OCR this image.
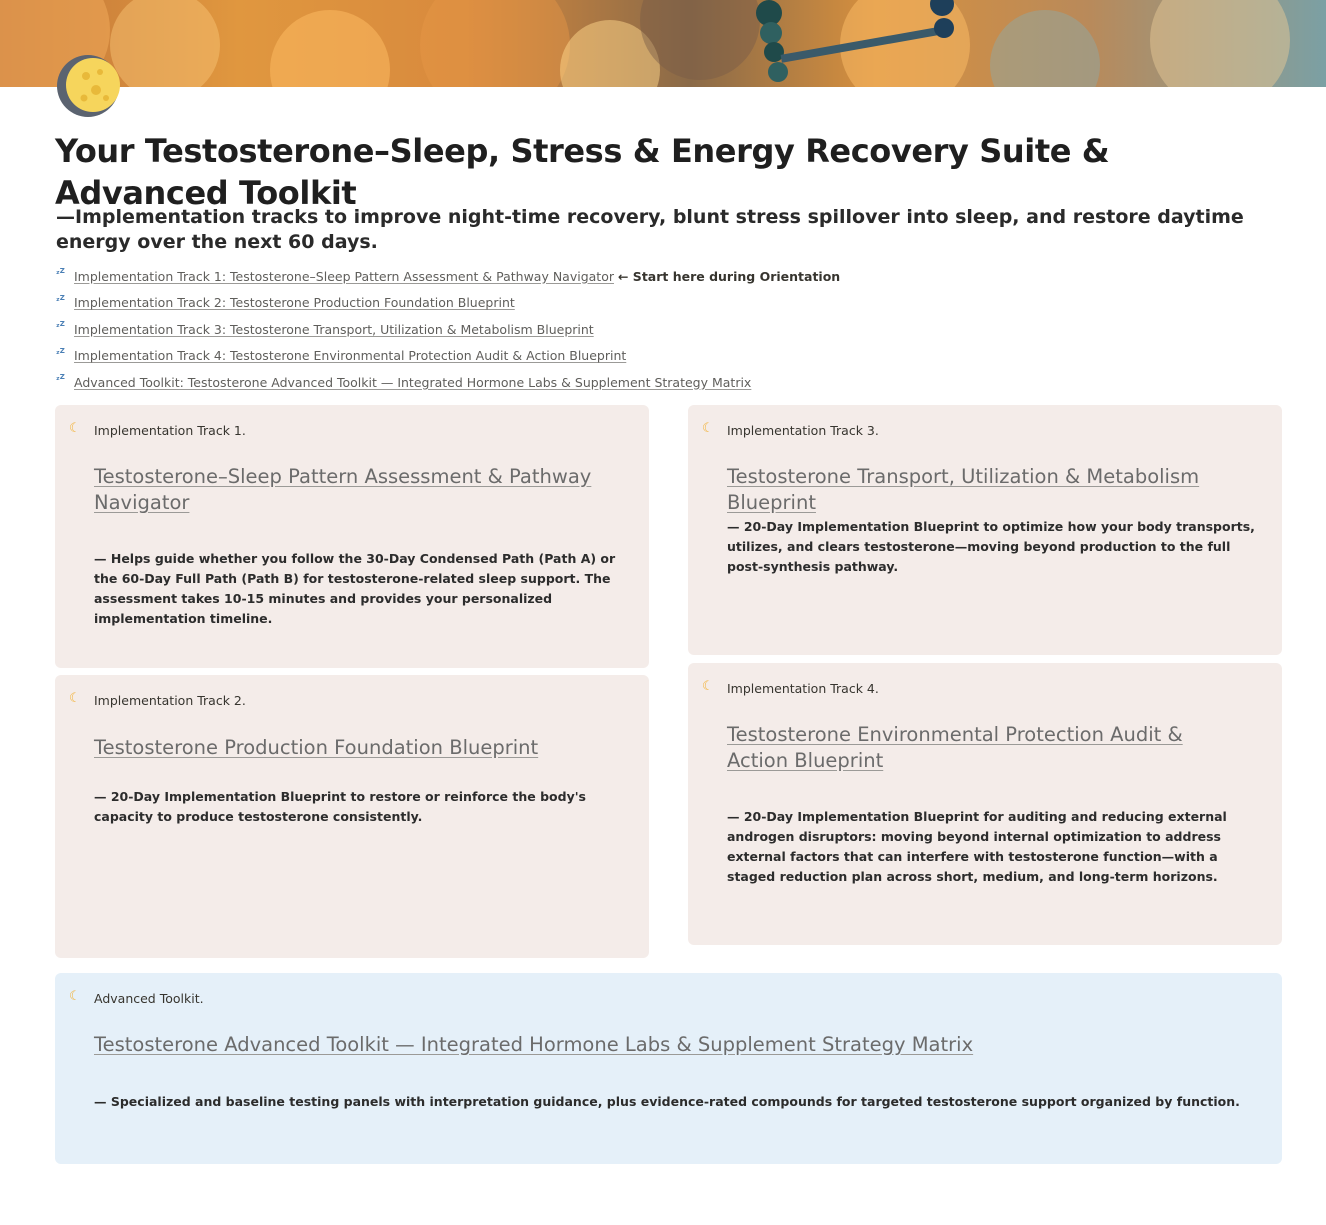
Your Testosterone–Sleep, Stress & Energy Recovery Suite & Advanced Toolkit
—Implementation tracks to improve night-time recovery, blunt stress spillover into sleep, and restore daytime energy over the next 60 days.
ᶻ$^Z$ Implementation Track 1: Testosterone–Sleep Pattern Assessment & Pathway Navigator ← Start here during Orientation
ᶻ$^Z$ Implementation Track 2: Testosterone Production Foundation Blueprint
ᶻ$^Z$ Implementation Track 3: Testosterone Transport, Utilization & Metabolism Blueprint
ᶻ$^Z$ Implementation Track 4: Testosterone Environmental Protection Audit & Action Blueprint
ᶻ$^Z$ Advanced Toolkit: Testosterone Advanced Toolkit — Integrated Hormone Labs & Supplement Strategy Matrix
☾ Implementation Track 1.
Testosterone–Sleep Pattern Assessment & Pathway Navigator
— Helps guide whether you follow the 30-Day Condensed Path (Path A) or the 60-Day Full Path (Path B) for testosterone-related sleep support. The assessment takes 10-15 minutes and provides your personalized implementation timeline.
☾ Implementation Track 2.
Testosterone Production Foundation Blueprint
— 20-Day Implementation Blueprint to restore or reinforce the body's capacity to produce testosterone consistently.
☾ Implementation Track 3.
Testosterone Transport, Utilization & Metabolism Blueprint
— 20-Day Implementation Blueprint to optimize how your body transports, utilizes, and clears testosterone—moving beyond production to the full post-synthesis pathway.
☾ Implementation Track 4.
Testosterone Environmental Protection Audit & Action Blueprint
— 20-Day Implementation Blueprint for auditing and reducing external androgen disruptors: moving beyond internal optimization to address external factors that can interfere with testosterone function—with a staged reduction plan across short, medium, and long-term horizons.
☾ Advanced Toolkit.
Testosterone Advanced Toolkit — Integrated Hormone Labs & Supplement Strategy Matrix
— Specialized and baseline testing panels with interpretation guidance, plus evidence-rated compounds for targeted testosterone support organized by function.
